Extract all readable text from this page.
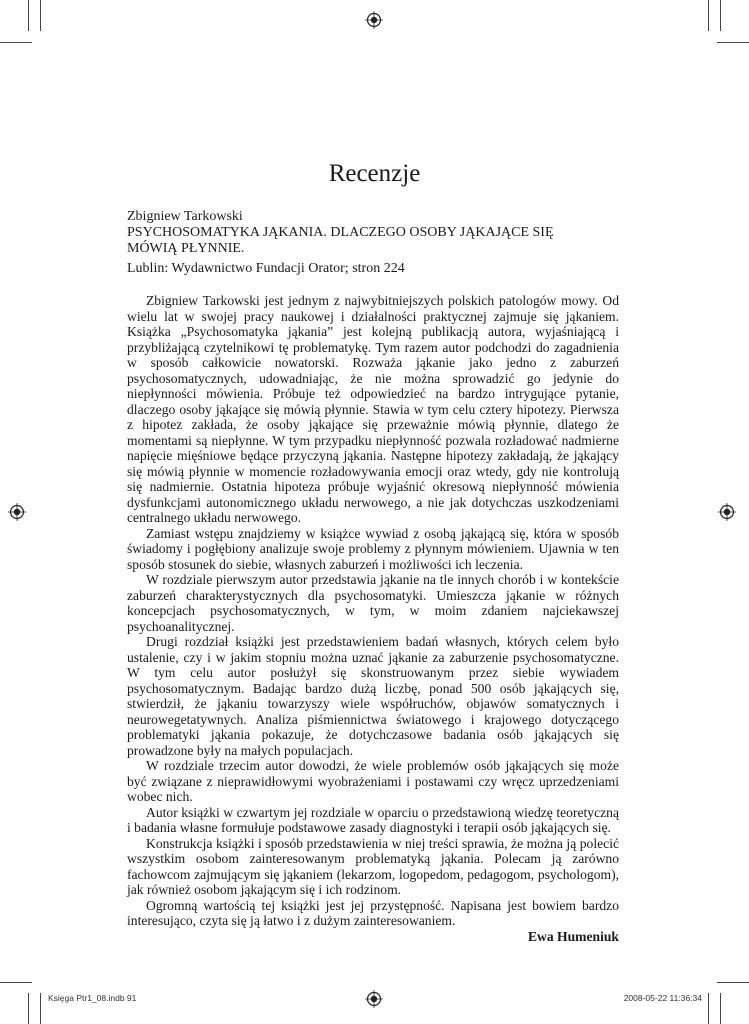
Recenzje
Zbigniew Tarkowski
PSYCHOSOMATYKA JĄKANIA. DLACZEGO OSOBY JĄKAJĄCE SIĘ
MÓWIĄ PŁYNNIE.
Lublin: Wydawnictwo Fundacji Orator; stron 224

Zbigniew Tarkowski jest jednym z najwybitniejszych polskich patologów mowy. Od wielu lat w swojej pracy naukowej i działalności praktycznej zajmuje się jąkaniem. Książka „Psychosomatyka jąkania” jest kolejną publikacją autora, wyjaśniającą i przybliżającą czytelnikowi tę problematykę. Tym razem autor podchodzi do zagadnienia w sposób całkowicie nowatorski. Rozważa jąkanie jako jedno z zaburzeń psychosomatycznych, udowadniając, że nie można sprowadzić go jedynie do niepłynności mówienia. Próbuje też odpowiedzieć na bardzo intrygujące pytanie, dlaczego osoby jąkające się mówią płynnie. Stawia w tym celu cztery hipotezy. Pierwsza z hipotez zakłada, że osoby jąkające się przeważnie mówią płynnie, dlatego że momentami są niepłynne. W tym przypadku niepłynność pozwala rozładować nadmierne napięcie mięśniowe będące przyczyną jąkania. Następne hipotezy zakładają, że jąkający się mówią płynnie w momencie rozładowywania emocji oraz wtedy, gdy nie kontrolują się nadmiernie. Ostatnia hipoteza próbuje wyjaśnić okresową niepłynność mówienia dysfunkcjami autonomicznego układu nerwowego, a nie jak dotychczas uszkodzeniami centralnego układu nerwowego.

Zamiast wstępu znajdziemy w książce wywiad z osobą jąkającą się, która w sposób świadomy i pogłębiony analizuje swoje problemy z płynnym mówieniem. Ujawnia w ten sposób stosunek do siebie, własnych zaburzeń i możliwości ich leczenia.

W rozdziale pierwszym autor przedstawia jąkanie na tle innych chorób i w kontekście zaburzeń charakterystycznych dla psychosomatyki. Umieszcza jąkanie w różnych koncepcjach psychosomatycznych, w tym, w moim zdaniem najciekawszej psychoanalitycznej.

Drugi rozdział książki jest przedstawieniem badań własnych, których celem było ustalenie, czy i w jakim stopniu można uznać jąkanie za zaburzenie psychosomatyczne. W tym celu autor posłużył się skonstruowanym przez siebie wywiadem psychosomatycznym. Badając bardzo dużą liczbę, ponad 500 osób jąkających się, stwierdził, że jąkaniu towarzyszy wiele współruchów, objawów somatycznych i neurowegetatywnych. Analiza piśmiennictwa światowego i krajowego dotyczącego problematyki jąkania pokazuje, że dotychczasowe badania osób jąkających się prowadzone były na małych populacjach.

W rozdziale trzecim autor dowodzi, że wiele problemów osób jąkających się może być związane z nieprawidłowymi wyobrażeniami i postawami czy wręcz uprzedzeniami wobec nich.

Autor książki w czwartym jej rozdziale w oparciu o przedstawioną wiedzę teoretyczną i badania własne formułuje podstawowe zasady diagnostyki i terapii osób jąkających się.

Konstrukcja książki i sposób przedstawienia w niej treści sprawia, że można ją polecić wszystkim osobom zainteresowanym problematyką jąkania. Polecam ją zarówno fachowcom zajmującym się jąkaniem (lekarzom, logopedom, pedagogom, psychologom), jak również osobom jąkającym się i ich rodzinom.

Ogromną wartością tej książki jest jej przystępność. Napisana jest bowiem bardzo interesująco, czyta się ją łatwo i z dużym zainteresowaniem.

Ewa Humeniuk

Księga Ptr1_08.indb 91	2008-05-22 11:36:34
